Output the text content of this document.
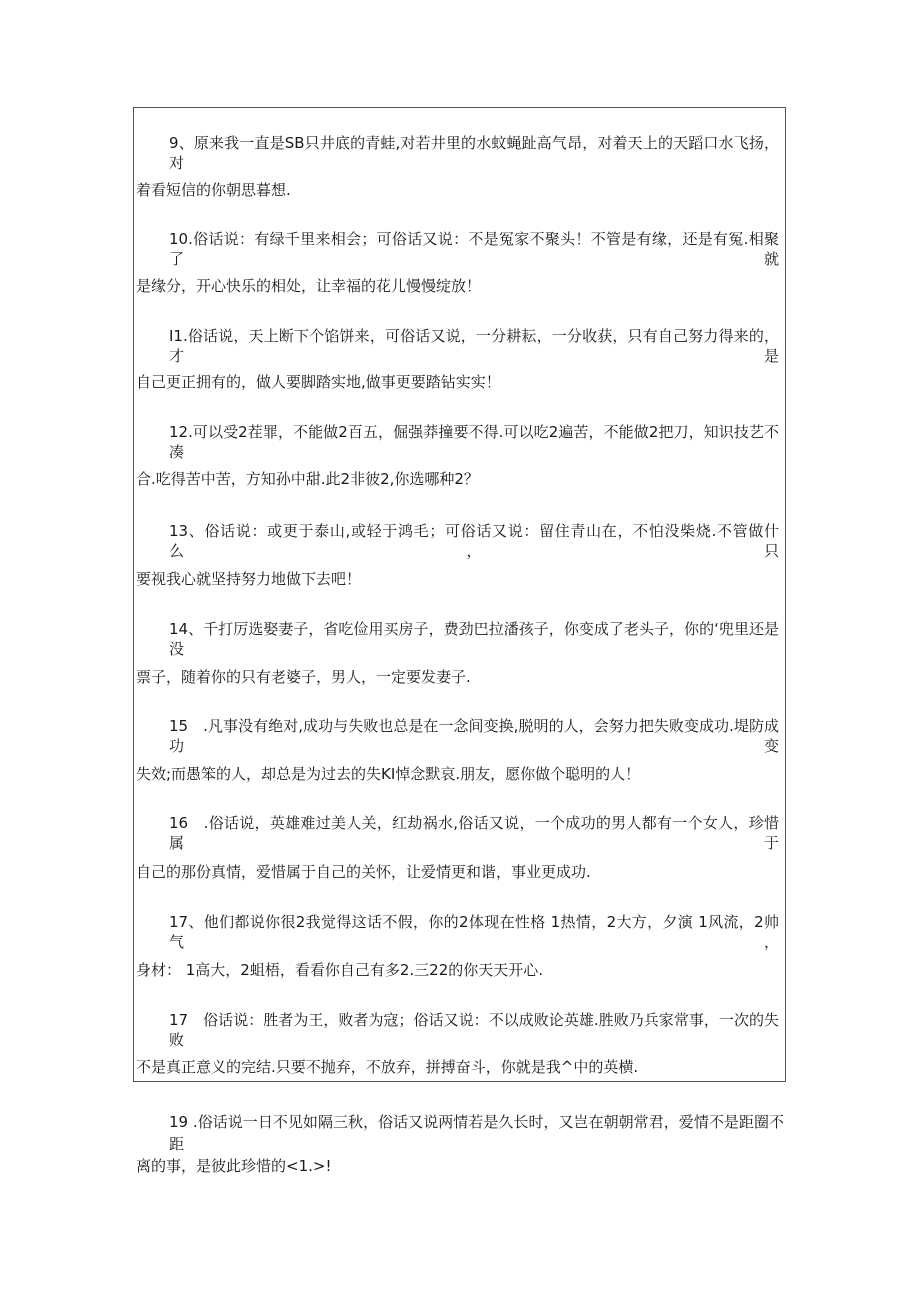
9、原来我一直是SB只井底的青蛙,对若井里的水蚊蝇趾高气昂，对着天上的天蹈口水飞扬， 对
着看短信的你朝思暮想.
10.俗话说：有绿千里来相会；可俗话又说：不是冤家不聚头！不管是有缘，还是有冤.相聚了就
是缘分，开心快乐的相处，让幸福的花儿慢慢绽放！
I1.俗话说，天上断下个馅饼来，可俗话又说，一分耕耘，一分收获，只有自己努力得来的，才是
自己更正拥有的，做人要脚踏实地,做事更要踏钻实实！
12.可以受2茬罪，不能做2百五，倔强莽撞要不得.可以吃2遍苦，不能做2把刀，知识技艺不凑
合.吃得苦中苦，方知孙中甜.此2非彼2,你选哪种2？
13、俗话说：或更于泰山,或轻于鸿毛；可俗话又说：留住青山在，不怕没柴烧.不管做什么，只
要视我心就坚持努力地做下去吧！
14、千打厉选娶妻子，省吃俭用买房子，费劲巴拉潘孩子，你变成了老头子，你的‘兜里还是没
票子，随着你的只有老婆子，男人，一定要发妻子.
15　.凡事没有绝对,成功与失败也总是在一念间变换,脱明的人，会努力把失败变成功.堤防成功变
失效;而愚笨的人，却总是为过去的失KI悼念默哀.朋友，愿你做个聪明的人！
16　.俗话说，英雄难过美人关，红劫祸水,俗话又说，一个成功的男人都有一个女人，珍惜属于
自己的那份真情，爱惜属于自己的关怀，让爱情更和谐，事业更成功.
17、他们都说你很2我觉得这话不假，你的2体现在性格 1热情，2大方，夕演 1风流，2帅气，
身材： 1高大，2蛆梧，看看你自己有多2.三22的你天天开心.
17　俗话说：胜者为王，败者为寇；俗话又说：不以成败论英雄.胜败乃兵家常事，一次的失败
不是真正意义的完结.只要不抛弃，不放弃，拼搏奋斗，你就是我^中的英横.
19 .俗话说一日不见如隔三秋，俗话又说两情若是久长时，又岂在朝朝常君，爱情不是距圈不距
离的事，是彼此珍惜的<1.>!
